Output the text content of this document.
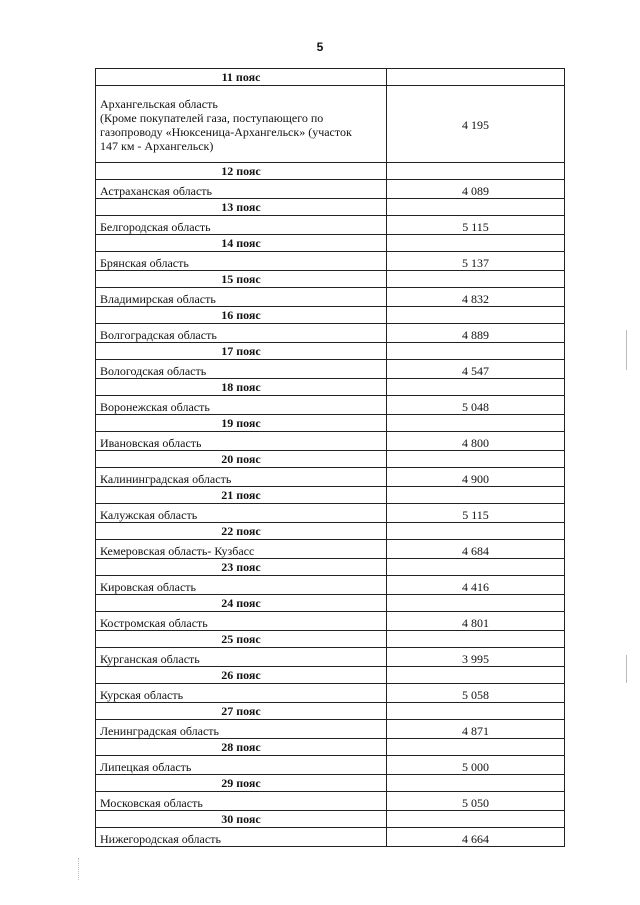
5
11 пояс	

Архангельская область
(Кроме покупателей газа, поступающего по
газопроводу «Нюксеница-Архангельск» (участок
147 км - Архангельск)	4 195
12 пояс	
Астраханская область	4 089
13 пояс	
Белгородская область	5 115
14 пояс	
Брянская область	5 137
15 пояс	
Владимирская область	4 832
16 пояс	
Волгоградская область	4 889
17 пояс	
Вологодская область	4 547
18 пояс	
Воронежская область	5 048
19 пояс	
Ивановская область	4 800
20 пояс	
Калининградская область	4 900
21 пояс	
Калужская область	5 115
22 пояс	
Кемеровская область- Кузбасс	4 684
23 пояс	
Кировская область	4 416
24 пояс	
Костромская область	4 801
25 пояс	
Курганская область	3 995
26 пояс	
Курская область	5 058
27 пояс	
Ленинградская область	4 871
28 пояс	
Липецкая область	5 000
29 пояс	
Московская область	5 050
30 пояс	
Нижегородская область	4 664
